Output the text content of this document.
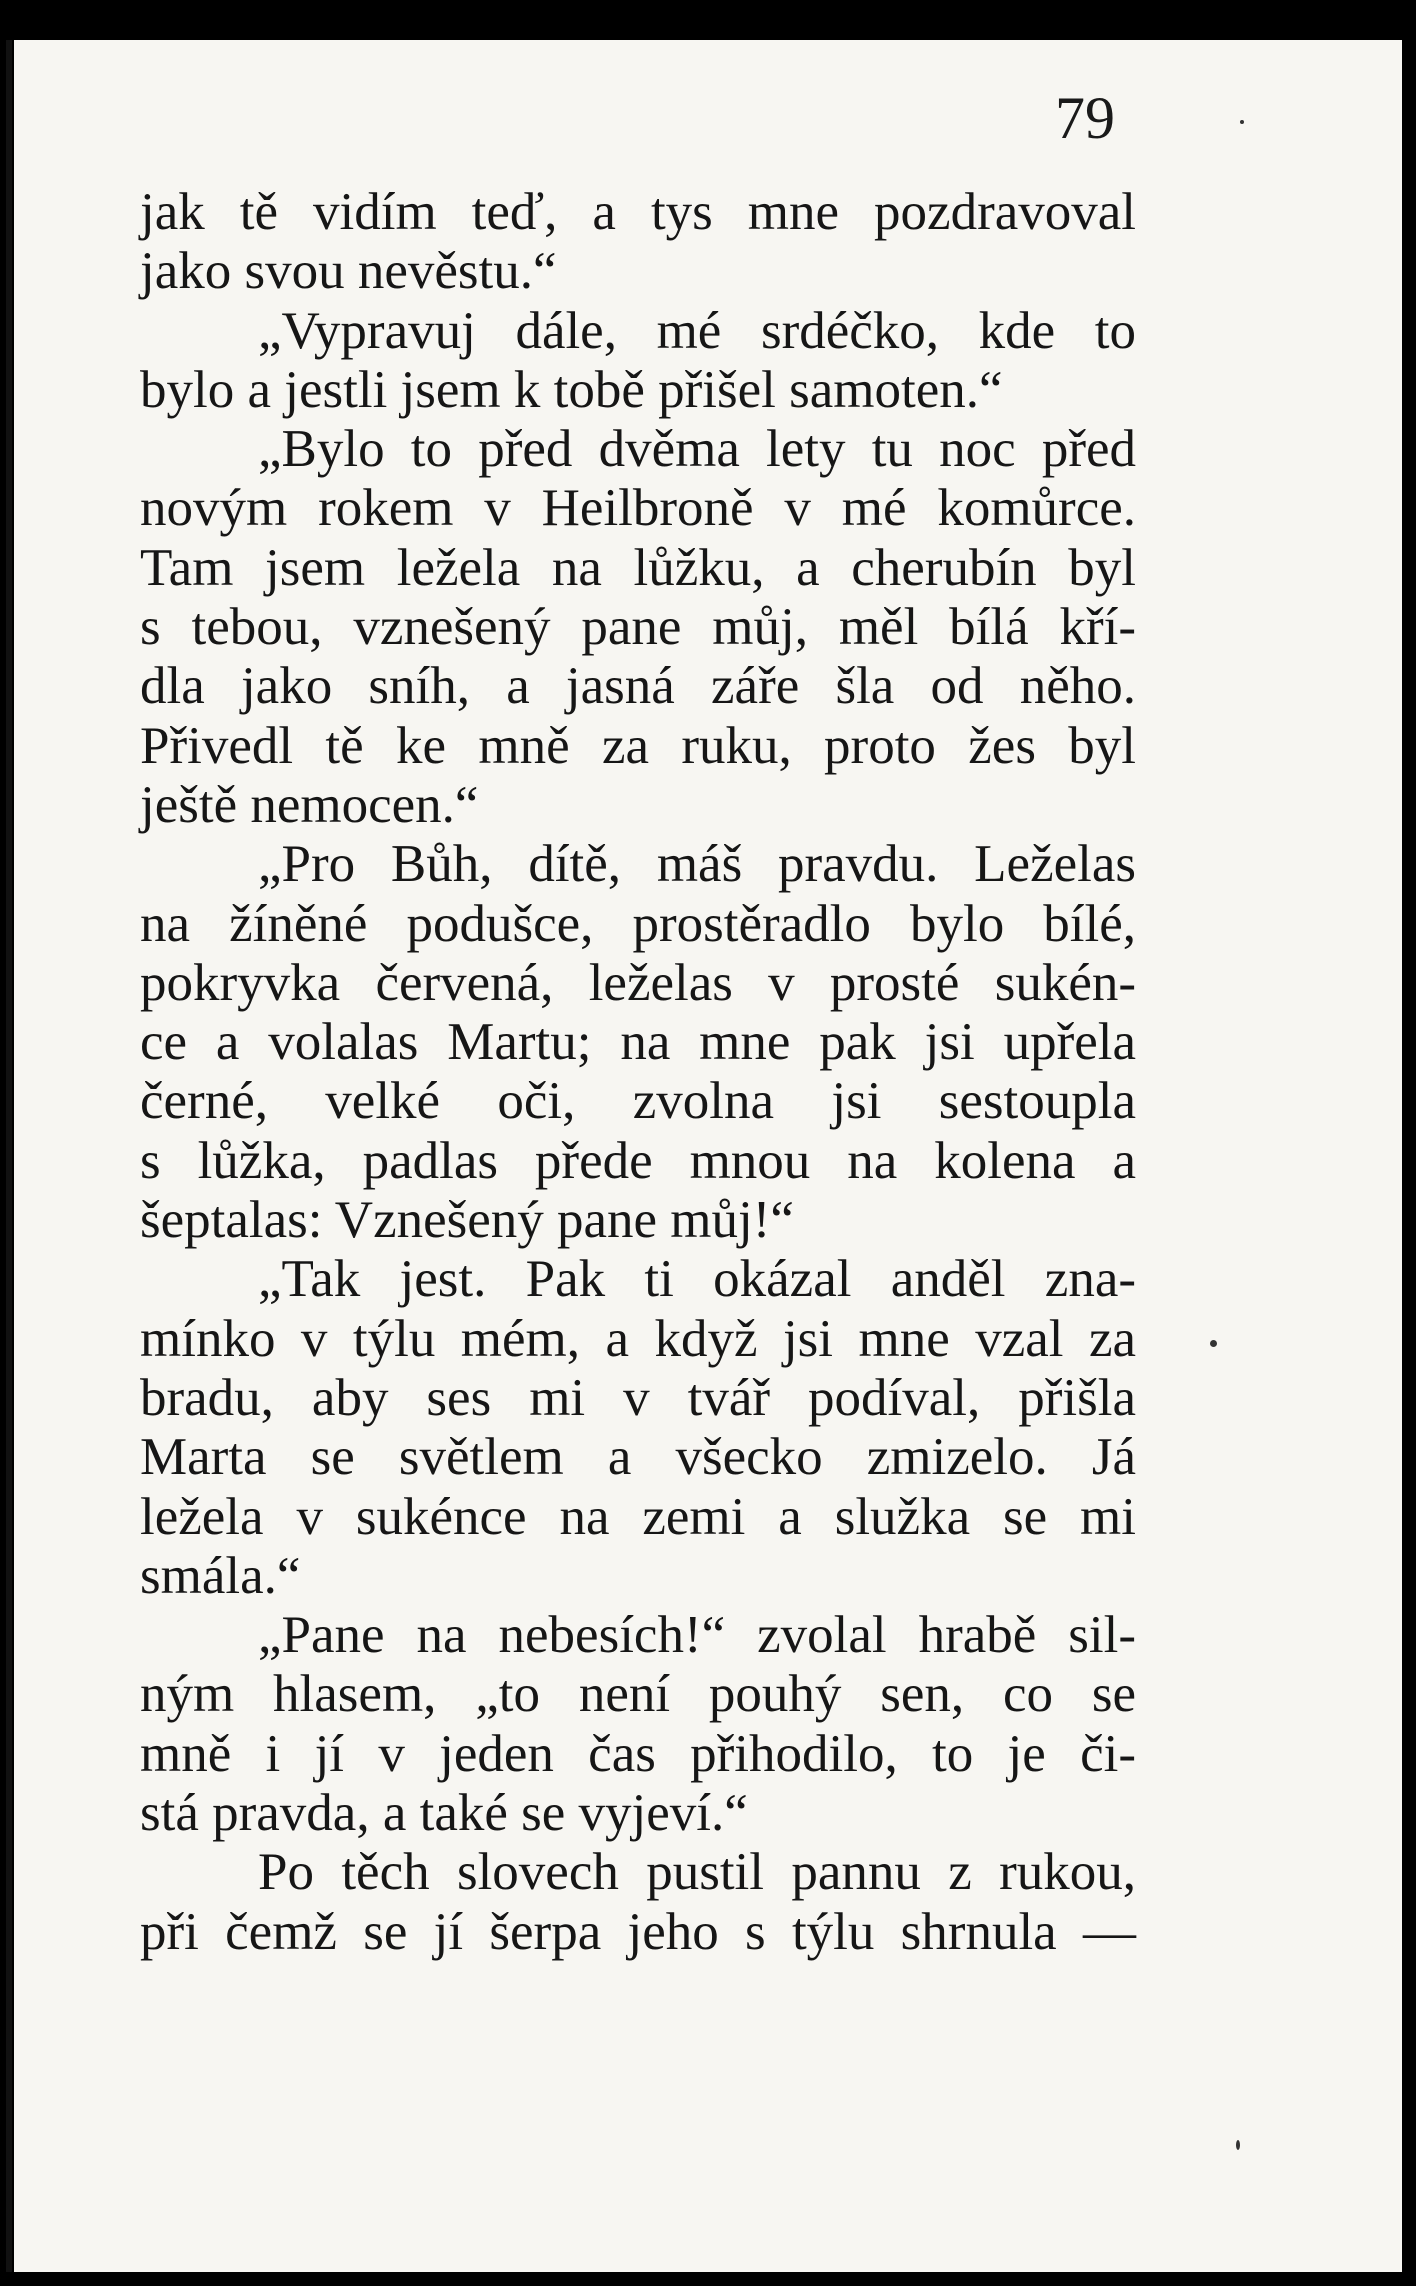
79
jak tě vidím teď, a tys mne pozdravoval
jako svou nevěstu.“
„Vypravuj dále, mé srdéčko, kde to
bylo a jestli jsem k tobě přišel samoten.“
„Bylo to před dvěma lety tu noc před
novým rokem v Heilbroně v mé komůrce.
Tam jsem ležela na lůžku, a cherubín byl
s tebou, vznešený pane můj, měl bílá kří-
dla jako sníh, a jasná záře šla od něho.
Přivedl tě ke mně za ruku, proto žes byl
ještě nemocen.“
„Pro Bůh, dítě, máš pravdu. Leželas
na žíněné podušce, prostěradlo bylo bílé,
pokryvka červená, leželas v prosté sukén-
ce a volalas Martu; na mne pak jsi upřela
černé, velké oči, zvolna jsi sestoupla
s lůžka, padlas přede mnou na kolena a
šeptalas: Vznešený pane můj!“
„Tak jest. Pak ti okázal anděl zna-
mínko v týlu mém, a když jsi mne vzal za
bradu, aby ses mi v tvář podíval, přišla
Marta se světlem a všecko zmizelo. Já
ležela v sukénce na zemi a služka se mi
smála.“
„Pane na nebesích!“ zvolal hrabě sil-
ným hlasem, „to není pouhý sen, co se
mně i jí v jeden čas přihodilo, to je či-
stá pravda, a také se vyjeví.“
Po těch slovech pustil pannu z rukou,
při čemž se jí šerpa jeho s týlu shrnula —
